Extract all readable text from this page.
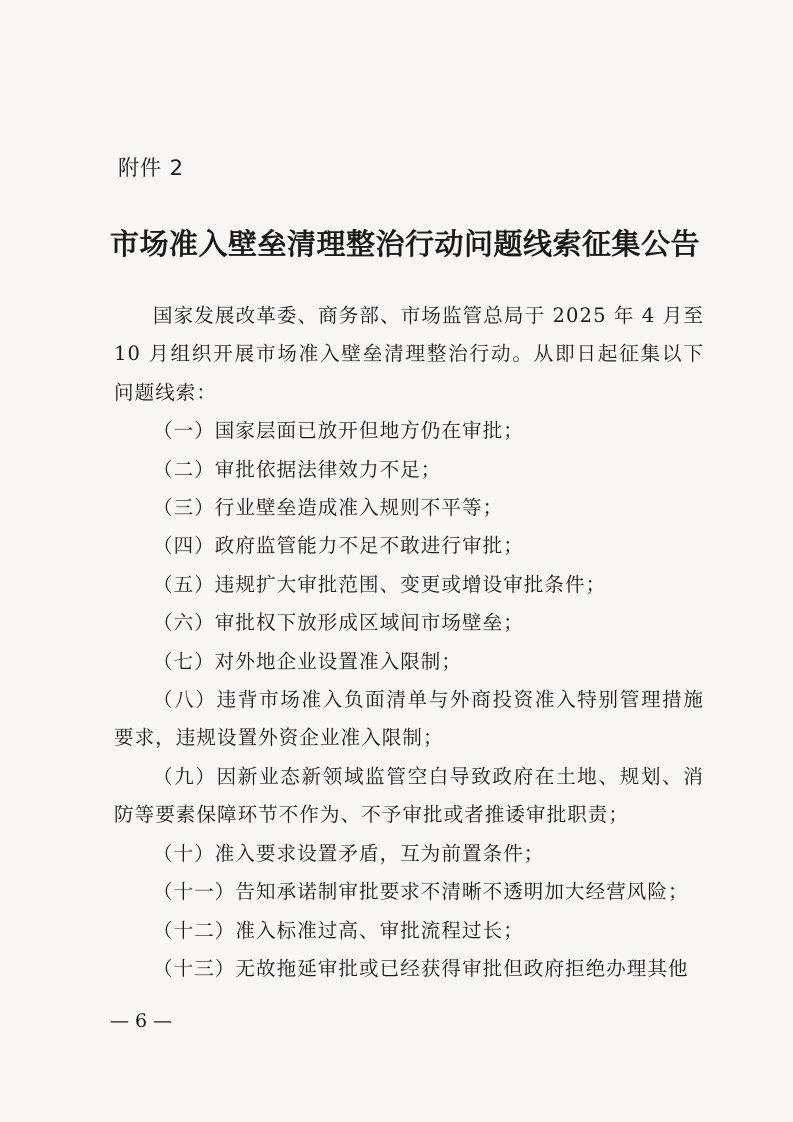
附件 2
市场准入壁垒清理整治行动问题线索征集公告

国家发展改革委、商务部、市场监管总局于 2025 年 4 月至 10 月组织开展市场准入壁垒清理整治行动。从即日起征集以下问题线索：

（一）国家层面已放开但地方仍在审批；

（二）审批依据法律效力不足；

（三）行业壁垒造成准入规则不平等；

（四）政府监管能力不足不敢进行审批；

（五）违规扩大审批范围、变更或增设审批条件；

（六）审批权下放形成区域间市场壁垒；

（七）对外地企业设置准入限制；

（八）违背市场准入负面清单与外商投资准入特别管理措施要求，违规设置外资企业准入限制；

（九）因新业态新领域监管空白导致政府在土地、规划、消防等要素保障环节不作为、不予审批或者推诿审批职责；

（十）准入要求设置矛盾，互为前置条件；

（十一）告知承诺制审批要求不清晰不透明加大经营风险；

（十二）准入标准过高、审批流程过长；

（十三）无故拖延审批或已经获得审批但政府拒绝办理其他

— 6 —
